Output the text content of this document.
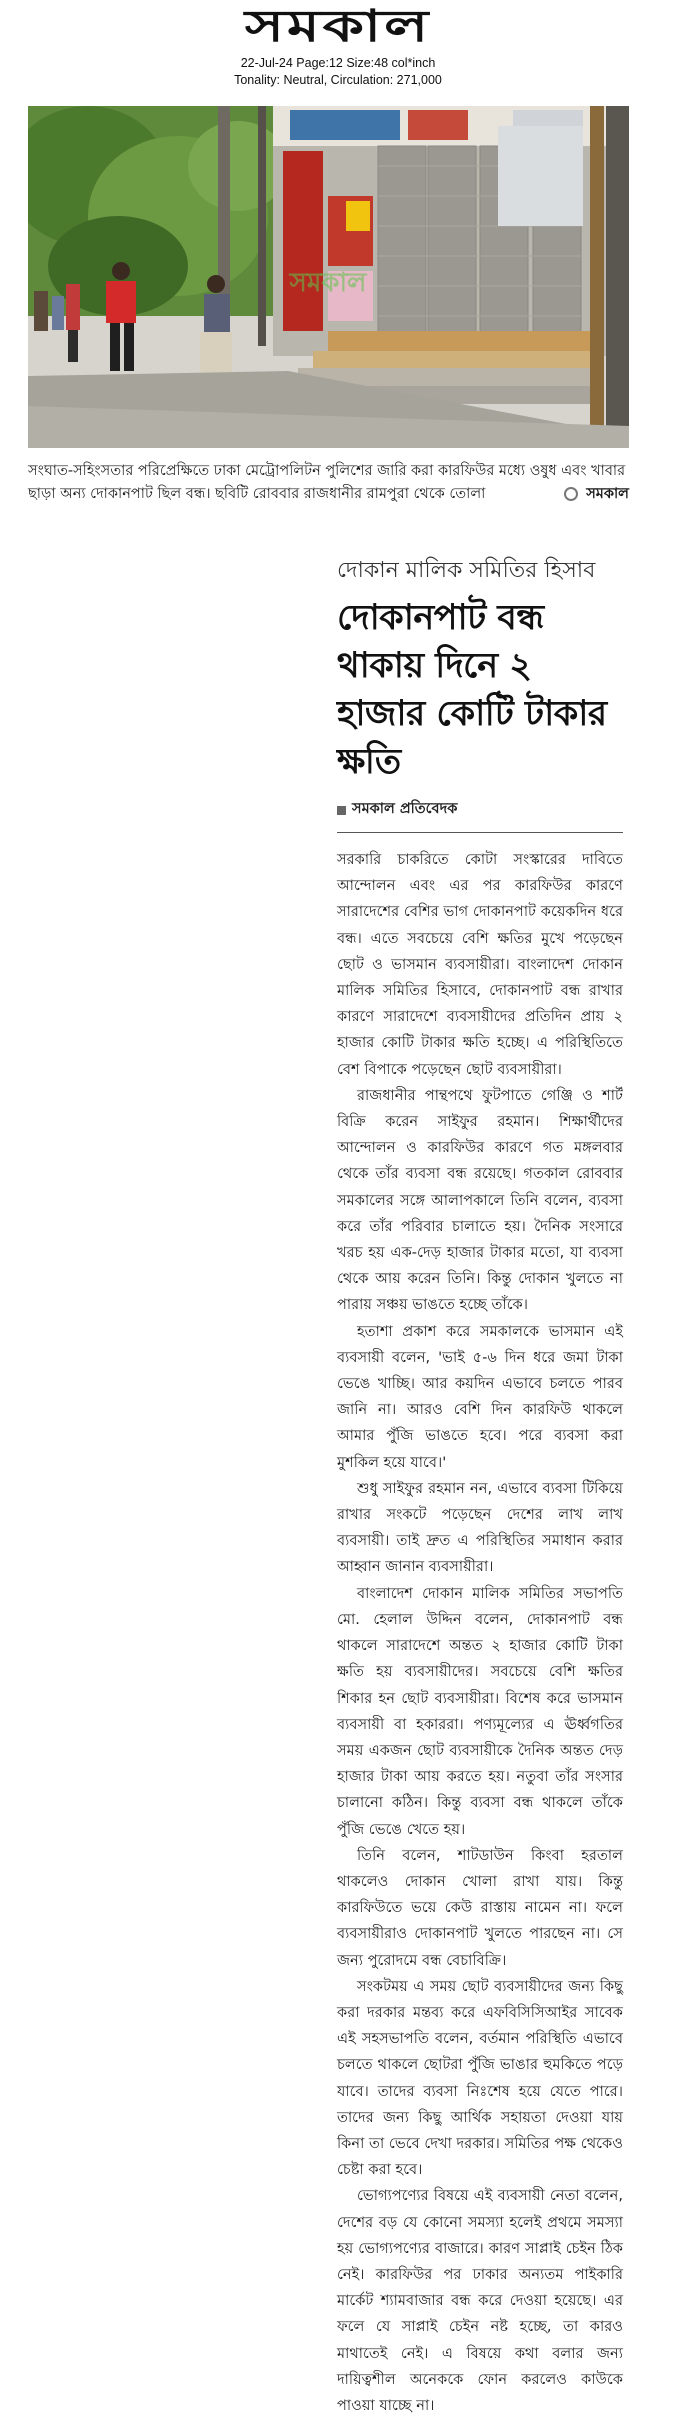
সমকাল
22-Jul-24 Page:12 Size:48 col*inch
Tonality: Neutral, Circulation: 271,000
সমকাল
সংঘাত-সহিংসতার পরিপ্রেক্ষিতে ঢাকা মেট্রোপলিটন পুলিশের জারি করা কারফিউর মধ্যে ওষুধ এবং খাবার ছাড়া অন্য দোকানপাট ছিল বন্ধ। ছবিটি রোববার রাজধানীর রামপুরা থেকে তোলা	সমকাল
দোকান মালিক সমিতির হিসাব
দোকানপাট বন্ধ থাকায় দিনে ২ হাজার কোটি টাকার ক্ষতি
সমকাল প্রতিবেদক

সরকারি চাকরিতে কোটা সংস্কারের দাবিতে আন্দোলন এবং এর পর কারফিউর কারণে সারাদেশের বেশির ভাগ দোকানপাট কয়েকদিন ধরে বন্ধ। এতে সবচেয়ে বেশি ক্ষতির মুখে পড়েছেন ছোট ও ভাসমান ব্যবসায়ীরা। বাংলাদেশ দোকান মালিক সমিতির হিসাবে, দোকানপাট বন্ধ রাখার কারণে সারাদেশে ব্যবসায়ীদের প্রতিদিন প্রায় ২ হাজার কোটি টাকার ক্ষতি হচ্ছে। এ পরিস্থিতিতে বেশ বিপাকে পড়েছেন ছোট ব্যবসায়ীরা।

রাজধানীর পান্থপথে ফুটপাতে গেঞ্জি ও শার্ট বিক্রি করেন সাইফুর রহমান। শিক্ষার্থীদের আন্দোলন ও কারফিউর কারণে গত মঙ্গলবার থেকে তাঁর ব্যবসা বন্ধ রয়েছে। গতকাল রোববার সমকালের সঙ্গে আলাপকালে তিনি বলেন, ব্যবসা করে তাঁর পরিবার চালাতে হয়। দৈনিক সংসারে খরচ হয় এক-দেড় হাজার টাকার মতো, যা ব্যবসা থেকে আয় করেন তিনি। কিন্তু দোকান খুলতে না পারায় সঞ্চয় ভাঙতে হচ্ছে তাঁকে।

হতাশা প্রকাশ করে সমকালকে ভাসমান এই ব্যবসায়ী বলেন, 'ভাই ৫-৬ দিন ধরে জমা টাকা ভেঙে খাচ্ছি। আর কয়দিন এভাবে চলতে পারব জানি না। আরও বেশি দিন কারফিউ থাকলে আমার পুঁজি ভাঙতে হবে। পরে ব্যবসা করা মুশকিল হয়ে যাবে।'

শুধু সাইফুর রহমান নন, এভাবে ব্যবসা টিকিয়ে রাখার সংকটে পড়েছেন দেশের লাখ লাখ ব্যবসায়ী। তাই দ্রুত এ পরিস্থিতির সমাধান করার আহ্বান জানান ব্যবসায়ীরা।

বাংলাদেশ দোকান মালিক সমিতির সভাপতি মো. হেলাল উদ্দিন বলেন, দোকানপাট বন্ধ থাকলে সারাদেশে অন্তত ২ হাজার কোটি টাকা ক্ষতি হয় ব্যবসায়ীদের। সবচেয়ে বেশি ক্ষতির শিকার হন ছোট ব্যবসায়ীরা। বিশেষ করে ভাসমান ব্যবসায়ী বা হকাররা। পণ্যমূল্যের এ ঊর্ধ্বগতির সময় একজন ছোট ব্যবসায়ীকে দৈনিক অন্তত দেড় হাজার টাকা আয় করতে হয়। নতুবা তাঁর সংসার চালানো কঠিন। কিন্তু ব্যবসা বন্ধ থাকলে তাঁকে পুঁজি ভেঙে খেতে হয়।

তিনি বলেন, শাটডাউন কিংবা হরতাল থাকলেও দোকান খোলা রাখা যায়। কিন্তু কারফিউতে ভয়ে কেউ রাস্তায় নামেন না। ফলে ব্যবসায়ীরাও দোকানপাট খুলতে পারছেন না। সে জন্য পুরোদমে বন্ধ বেচাবিক্রি।

সংকটময় এ সময় ছোট ব্যবসায়ীদের জন্য কিছু করা দরকার মন্তব্য করে এফবিসিসিআইর সাবেক এই সহসভাপতি বলেন, বর্তমান পরিস্থিতি এভাবে চলতে থাকলে ছোটরা পুঁজি ভাঙার হুমকিতে পড়ে যাবে। তাদের ব্যবসা নিঃশেষ হয়ে যেতে পারে। তাদের জন্য কিছু আর্থিক সহায়তা দেওয়া যায় কিনা তা ভেবে দেখা দরকার। সমিতির পক্ষ থেকেও চেষ্টা করা হবে।

ভোগ্যপণ্যের বিষয়ে এই ব্যবসায়ী নেতা বলেন, দেশের বড় যে কোনো সমস্যা হলেই প্রথমে সমস্যা হয় ভোগ্যপণ্যের বাজারে। কারণ সাপ্লাই চেইন ঠিক নেই। কারফিউর পর ঢাকার অন্যতম পাইকারি মার্কেট শ্যামবাজার বন্ধ করে দেওয়া হয়েছে। এর ফলে যে সাপ্লাই চেইন নষ্ট হচ্ছে, তা কারও মাথাতেই নেই। এ বিষয়ে কথা বলার জন্য দায়িত্বশীল অনেককে ফোন করলেও কাউকে পাওয়া যাচ্ছে না।
